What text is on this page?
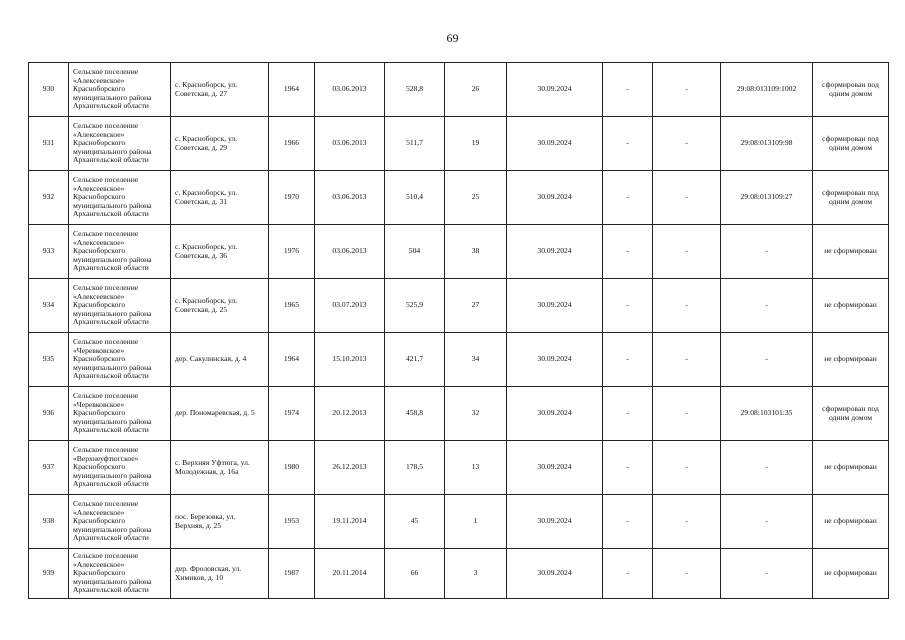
69
930	Сельское поселение «Алексеевское» Красноборского муниципального района Архангельской области	с. Красноборск, ул. Советская, д. 27	1964	03.06.2013	528,8	26	30.09.2024	-	-	29:08:013109:1002	сформирован под одним домом
931	Сельское поселение «Алексеевское» Красноборского муниципального района Архангельской области	с. Красноборск, ул. Советская, д. 29	1966	03.06.2013	511,7	19	30.09.2024	-	-	29:08:013109:98	сформирован под одним домом
932	Сельское поселение «Алексеевское» Красноборского муниципального района Архангельской области	с. Красноборск, ул. Советская, д. 31	1970	03.06.2013	510,4	25	30.09.2024	-	-	29:08:013109:27	сформирован под одним домом
933	Сельское поселение «Алексеевское» Красноборского муниципального района Архангельской области	с. Красноборск, ул. Советская, д. 36	1976	03.06.2013	504	38	30.09.2024	-	-	-	не сформирован
934	Сельское поселение «Алексеевское» Красноборского муниципального района Архангельской области	с. Красноборск, ул. Советская, д. 25	1965	03.07.2013	525,9	27	30.09.2024	-	-	-	не сформирован
935	Сельское поселение «Черевковское» Красноборского муниципального района Архангельской области	дер. Сакулинская, д. 4	1964	15.10.2013	421,7	34	30.09.2024	-	-	-	не сформирован
936	Сельское поселение «Черевковское» Красноборского муниципального района Архангельской области	дер. Пономаревская, д. 5	1974	20.12.2013	458,8	32	30.09.2024	-	-	29:08:103101:35	сформирован под одним домом
937	Сельское поселение «Верхнеуфтюгское» Красноборского муниципального района Архангельской области	с. Верхняя Уфтюга, ул. Молодежная, д. 16а	1980	26.12.2013	178,5	13	30.09.2024	-	-	-	не сформирован
938	Сельское поселение «Алексеевское» Красноборского муниципального района Архангельской области	пос. Березовка, ул. Верхняя, д. 25	1953	19.11.2014	45	1	30.09.2024	-	-	-	не сформирован
939	Сельское поселение «Алексеевское» Красноборского муниципального района Архангельской области	дер. Фроловская, ул. Химиков, д. 10	1987	20.11.2014	66	3	30.09.2024	-	-	-	не сформирован
